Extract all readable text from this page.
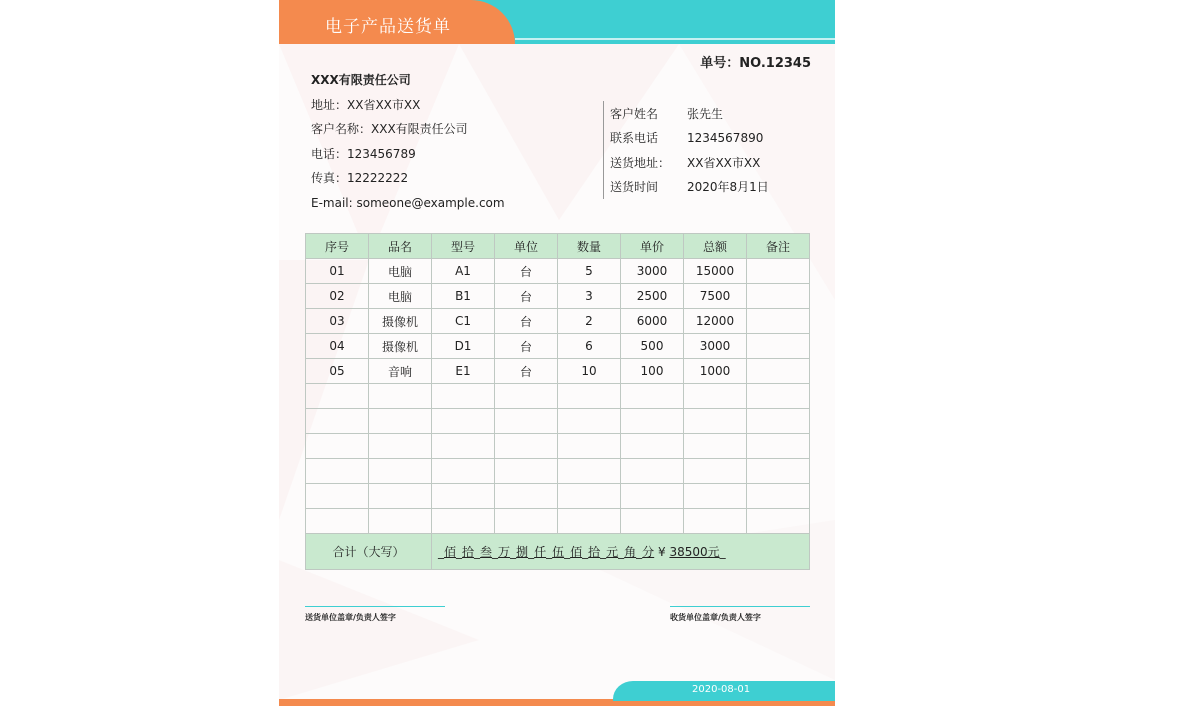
电子产品送货单
单号：NO.12345
XXX有限责任公司
地址：XX省XX市XX
客户名称：XXX有限责任公司
电话：123456789
传真：12222222
E-mail: someone@example.com
客户姓名	张先生
联系电话	1234567890
送货地址：	XX省XX市XX
送货时间	2020年8月1日
序号	品名	型号	单位	数量	单价	总额	备注
01	电脑	A1	台	5	3000	15000	
02	电脑	B1	台	3	2500	7500	
03	摄像机	C1	台	2	6000	12000	
04	摄像机	D1	台	6	500	3000	
05	音响	E1	台	10	100	1000	

合计（大写）		_佰_拾_叁_万_捌_仟_伍_佰_拾_元_角_分 ¥ 38500元_					
送货单位盖章/负责人签字	收货单位盖章/负责人签字
2020-08-01
